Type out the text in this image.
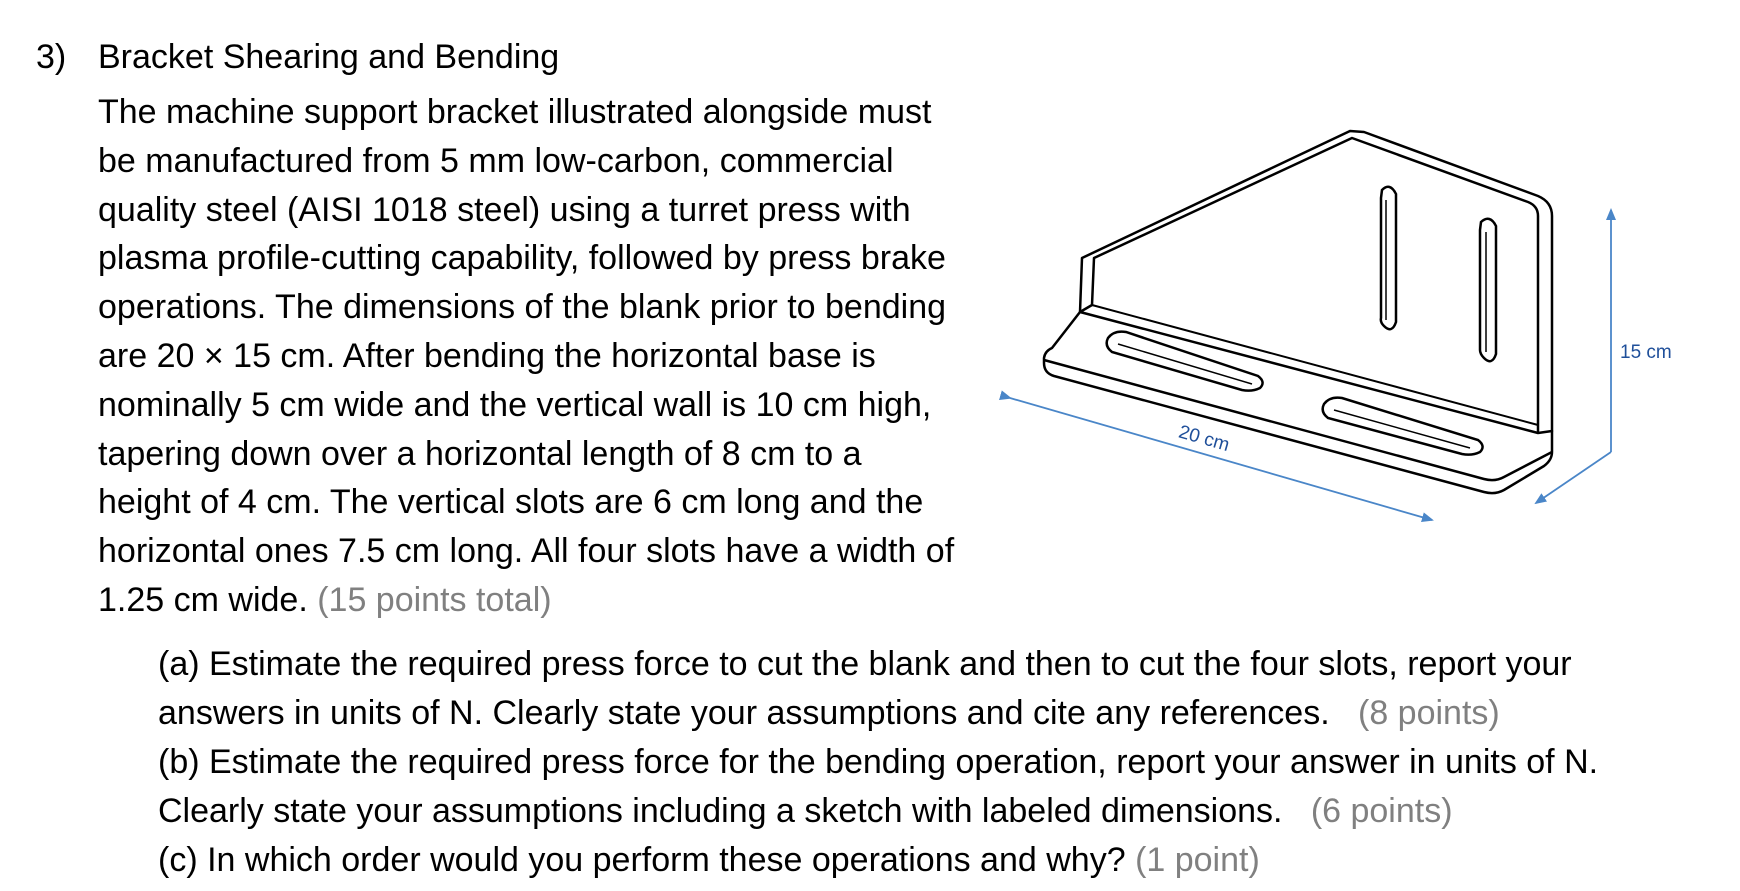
3) Bracket Shearing and Bending
The machine support bracket illustrated alongside must
be manufactured from 5 mm low-carbon, commercial
quality steel (AISI 1018 steel) using a turret press with
plasma profile-cutting capability, followed by press brake
operations. The dimensions of the blank prior to bending
are 20 × 15 cm. After bending the horizontal base is
nominally 5 cm wide and the vertical wall is 10 cm high,
tapering down over a horizontal length of 8 cm to a
height of 4 cm. The vertical slots are 6 cm long and the
horizontal ones 7.5 cm long. All four slots have a width of
1.25 cm wide. (15 points total)
20 cm
15 cm
(a) Estimate the required press force to cut the blank and then to cut the four slots, report your
answers in units of N. Clearly state your assumptions and cite any references. (8 points)
(b) Estimate the required press force for the bending operation, report your answer in units of N.
Clearly state your assumptions including a sketch with labeled dimensions. (6 points)
(c) In which order would you perform these operations and why? (1 point)
